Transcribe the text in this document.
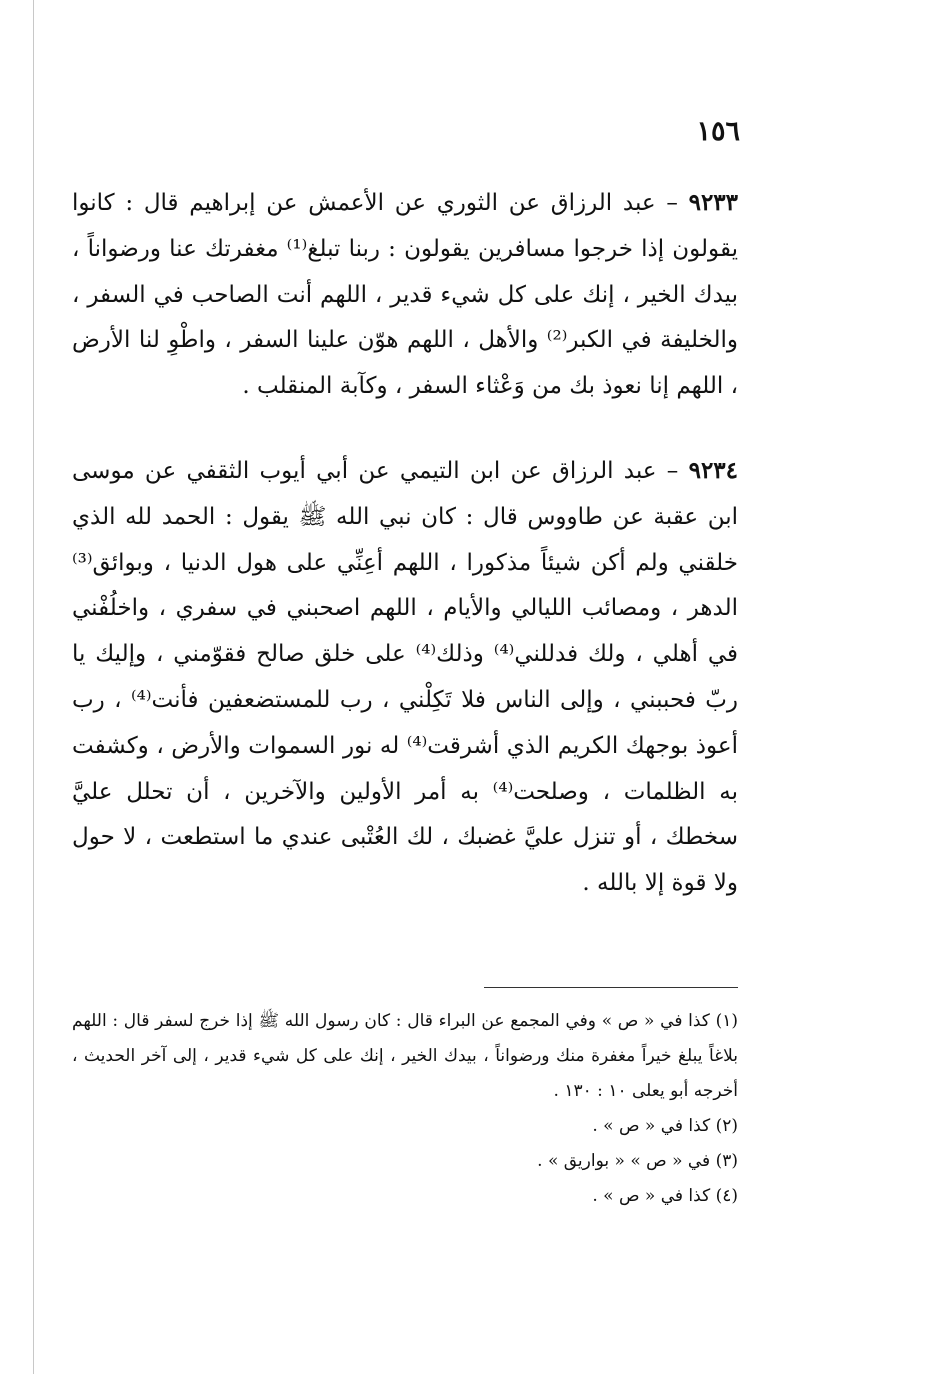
١٥٦

٩٢٣٣ – عبد الرزاق عن الثوري عن الأعمش عن إبراهيم قال : كانوا يقولون إذا خرجوا مسافرين يقولون : ربنا تبلغ⁽¹⁾ مغفرتك عنا ورضواناً ، بيدك الخير ، إنك على كل شيء قدير ، اللهم أنت الصاحب في السفر ، والخليفة في الكبر⁽²⁾ والأهل ، اللهم هوّن علينا السفر ، واطْوِ لنا الأرض ، اللهم إنا نعوذ بك من وَعْثاء السفر ، وكآبة المنقلب .

٩٢٣٤ – عبد الرزاق عن ابن التيمي عن أبي أيوب الثقفي عن موسى ابن عقبة عن طاووس قال : كان نبي الله ﷺ يقول : الحمد لله الذي خلقني ولم أكن شيئاً مذكورا ، اللهم أعِنِّي على هول الدنيا ، وبوائق⁽³⁾ الدهر ، ومصائب الليالي والأيام ، اللهم اصحبني في سفري ، واخلُفْني في أهلي ، ولك فدللني⁽⁴⁾ وذلك⁽⁴⁾ على خلق صالح فقوّمني ، وإليك يا ربّ فحببني ، وإلى الناس فلا تَكِلْني ، رب للمستضعفين فأنت⁽⁴⁾ ، رب أعوذ بوجهك الكريم الذي أشرقت⁽⁴⁾ له نور السموات والأرض ، وكشفت به الظلمات ، وصلحت⁽⁴⁾ به أمر الأولين والآخرين ، أن تحلل عليَّ سخطك ، أو تنزل عليَّ غضبك ، لك العُتْبى عندي ما استطعت ، لا حول ولا قوة إلا بالله .

(١) كذا في « ص » وفي المجمع عن البراء قال : كان رسول الله ﷺ إذا خرج لسفر قال : اللهم بلاغاً يبلغ خيراً مغفرة منك ورضواناً ، بيدك الخير ، إنك على كل شيء قدير ، إلى آخر الحديث ، أخرجه أبو يعلى ١٠ : ١٣٠ .

(٢) كذا في « ص » .

(٣) في « ص » « بواريق » .

(٤) كذا في « ص » .
